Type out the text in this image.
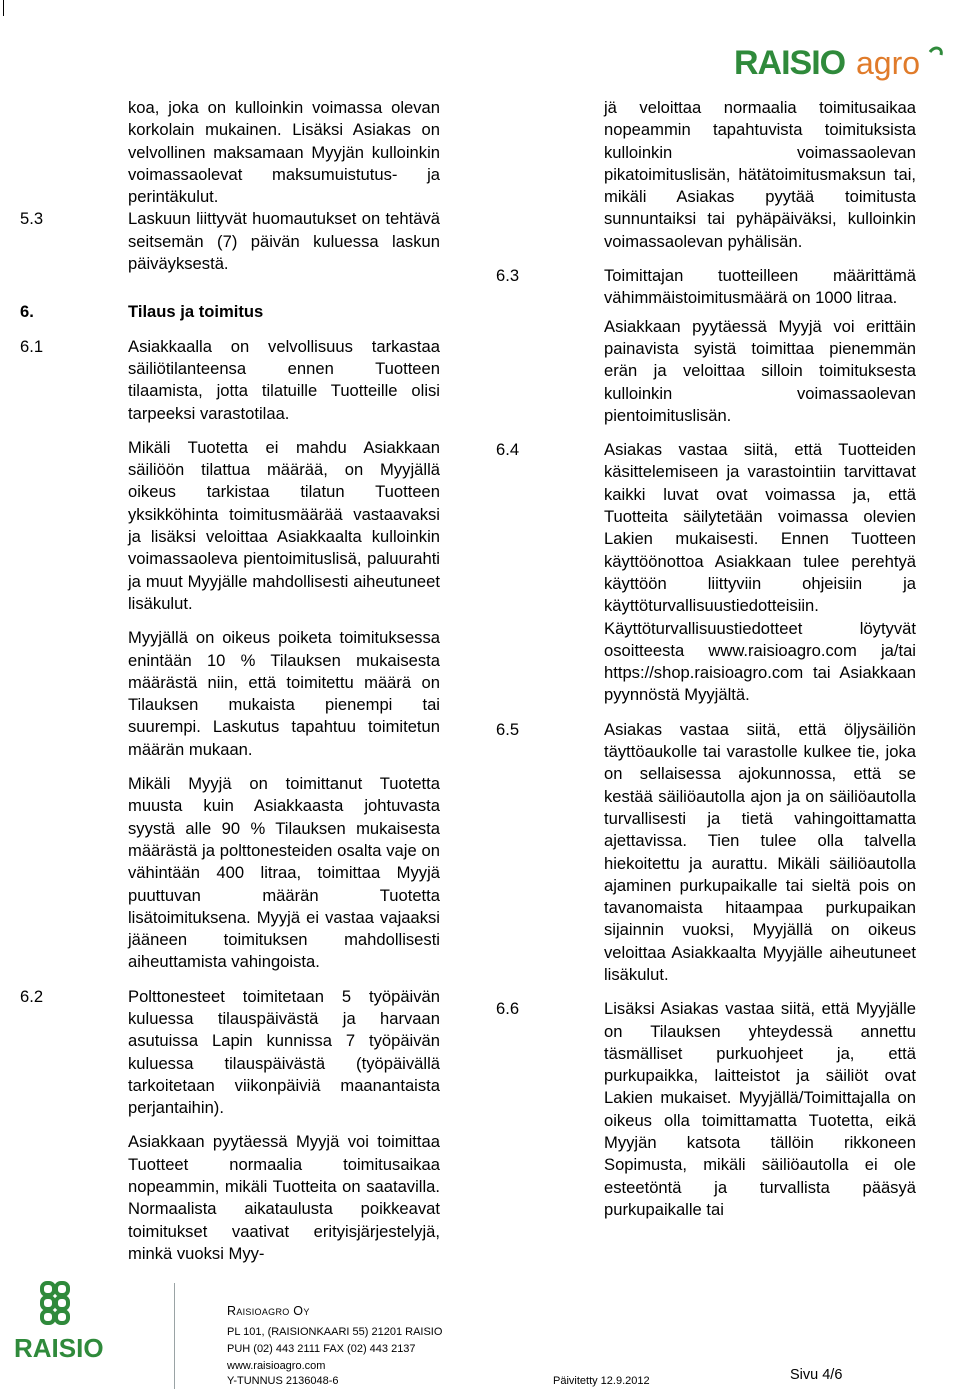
RAISIO agro
koa, joka on kulloinkin voimassa olevan korkolain mukainen. Lisäksi Asiakas on velvollinen maksamaan Myyjän kulloinkin voimassaolevat maksumuistutus- ja perintäkulut.
5.3	Laskuun liittyvät huomautukset on tehtävä seitsemän (7) päivän kuluessa laskun päiväyksestä.
6.	Tilaus ja toimitus
6.1	Asiakkaalla on velvollisuus tarkastaa säiliötilanteensa ennen Tuotteen tilaamista, jotta tilatuille Tuotteille olisi tarpeeksi varastotilaa.
Mikäli Tuotetta ei mahdu Asiakkaan säiliöön tilattua määrää, on Myyjällä oikeus tarkistaa tilatun Tuotteen yksikköhinta toimitusmäärää vastaavaksi ja lisäksi veloittaa Asiakkaalta kulloinkin voimassaoleva pientoimituslisä, paluurahti ja muut Myyjälle mahdollisesti aiheutuneet lisäkulut.
Myyjällä on oikeus poiketa toimituksessa enintään 10 % Tilauksen mukaisesta määrästä niin, että toimitettu määrä on Tilauksen mukaista pienempi tai suurempi. Laskutus tapahtuu toimitetun määrän mukaan.
Mikäli Myyjä on toimittanut Tuotetta muusta kuin Asiakkaasta johtuvasta syystä alle 90 % Tilauksen mukaisesta määrästä ja polttonesteiden osalta vaje on vähintään 400 litraa, toimittaa Myyjä puuttuvan määrän Tuotetta lisätoimituksena. Myyjä ei vastaa vajaaksi jääneen toimituksen mahdollisesti aiheuttamista vahingoista.
6.2	Polttonesteet toimitetaan 5 työpäivän kuluessa tilauspäivästä ja harvaan asutuissa Lapin kunnissa 7 työpäivän kuluessa tilauspäivästä (työpäivällä tarkoitetaan viikonpäiviä maanantaista perjantaihin).
Asiakkaan pyytäessä Myyjä voi toimittaa Tuotteet normaalia toimitusaikaa nopeammin, mikäli Tuotteita on saatavilla. Normaalista aikataulusta poikkeavat toimitukset vaativat erityisjärjestelyjä, minkä vuoksi Myy-
jä veloittaa normaalia toimitusaikaa nopeammin tapahtuvista toimituksista kulloinkin voimassaolevan pikatoimituslisän, hätätoimitusmaksun tai, mikäli Asiakas pyytää toimitusta sunnuntaiksi tai pyhäpäiväksi, kulloinkin voimassaolevan pyhälisän.
6.3	Toimittajan tuotteilleen määrittämä vähimmäistoimitusmäärä on 1000 litraa.
Asiakkaan pyytäessä Myyjä voi erittäin painavista syistä toimittaa pienemmän erän ja veloittaa silloin toimituksesta kulloinkin voimassaolevan pientoimituslisän.
6.4	Asiakas vastaa siitä, että Tuotteiden käsittelemiseen ja varastointiin tarvittavat kaikki luvat ovat voimassa ja, että Tuotteita säilytetään voimassa olevien Lakien mukaisesti. Ennen Tuotteen käyttöönottoa Asiakkaan tulee perehtyä käyttöön liittyviin ohjeisiin ja käyttöturvallisuustiedotteisiin. Käyttöturvallisuustiedotteet löytyvät osoitteesta www.raisioagro.com ja/tai https://shop.raisioagro.com tai Asiakkaan pyynnöstä Myyjältä.
6.5	Asiakas vastaa siitä, että öljysäiliön täyttöaukolle tai varastolle kulkee tie, joka on sellaisessa ajokunnossa, että se kestää säiliöautolla ajon ja on säiliöautolla turvallisesti ja tietä vahingoittamatta ajettavissa. Tien tulee olla talvella hiekoitettu ja aurattu. Mikäli säiliöautolla ajaminen purkupaikalle tai sieltä pois on tavanomaista hitaampaa purkupaikan sijainnin vuoksi, Myyjällä on oikeus veloittaa Asiakkaalta Myyjälle aiheutuneet lisäkulut.
6.6	Lisäksi Asiakas vastaa siitä, että Myyjälle on Tilauksen yhteydessä annettu täsmälliset purkuohjeet ja, että purkupaikka, laitteistot ja säiliöt ovat Lakien mukaiset. Myyjällä/Toimittajalla on oikeus olla toimittamatta Tuotetta, eikä Myyjän katsota tällöin rikkoneen Sopimusta, mikäli säiliöautolla ei ole esteetöntä ja turvallista pääsyä purkupaikalle tai
RAISIO
Raisioagro Oy
PL 101, (RAISIONKAARI 55) 21201 RAISIO
PUH (02) 443 2111 FAX (02) 443 2137
www.raisioagro.com
Y-TUNNUS 2136048-6	Päivitetty 12.9.2012	Sivu 4/6
